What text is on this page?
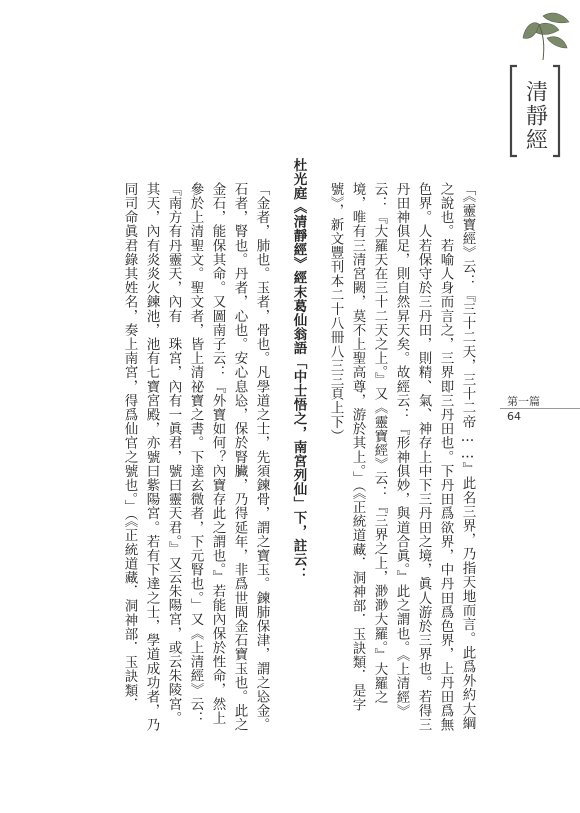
清靜經
第一篇
64
「《靈寶經》云：『三十二天，三十二帝……』此名三界，乃指天地而言。此爲外約大綱
之說也。若喻人身而言之，三界即三丹田也。下丹田爲欲界，中丹田爲色界，上丹田爲無
色界。人若保守於三丹田，則精、氣、神存上中下三丹田之境，眞人游於三界也。若得三
丹田神俱足，則自然昇天矣。故經云：『形神俱妙，與道合眞。』此之謂也。《上清經》
云：『大羅天在三十二天之上。』又《靈寶經》云：『三界之上，渺渺大羅。』大羅之
境，唯有三清宮闕，莫不上聖高尊，游於其上。」（《正統道藏．洞神部．玉訣類．是字
號》，新文豐刊本二十八冊八三三頁上下）
杜光庭《清靜經》經末葛仙翁語「中士悟之，南宮列仙」下，註云：
「金者，肺也。玉者，骨也。凡學道之士，先須鍊骨，謂之寶玉。鍊肺保津，謂之㤀金。
石者，腎也。丹者，心也。安心息㤀，保於腎臟，乃得延年，非爲世間金石寶玉也。此之
金石，能保其命。又圖南子云：『外寶如何？內寶存此之謂也。』若能內保於性命，然上
參於上清聖文。聖文者，皆上清祕寶之書。下達玄微者，下元腎也。」又《上清經》云：
『南方有丹靈天，內有　珠宮，內有一眞君，號曰靈天君。』又云朱陽宮，或云朱陵宮。
其天，內有炎炎火鍊池，池有七寶宮殿，亦號曰紫陽宮。若有下達之士，學道成功者，乃
同司命眞君錄其姓名，奏上南宮，得爲仙官之號也。」（《正統道藏．洞神部．玉訣類．
